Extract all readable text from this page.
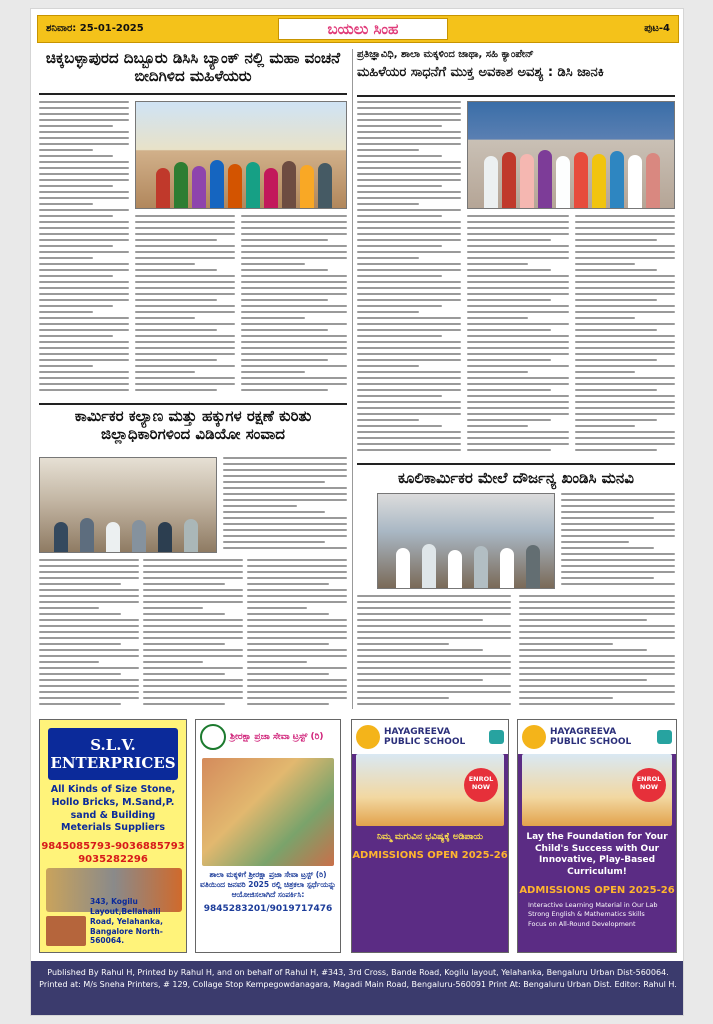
ಶನಿವಾರ: 25-01-2025	ಬಯಲು ಸಿಂಹ	ಪುಟ-4
ಚಿಕ್ಕಬಳ್ಳಾಪುರದ ದಿಬ್ಬೂರು ಡಿಸಿಸಿ ಬ್ಯಾಂಕ್ ನಲ್ಲಿ ಮಹಾ ವಂಚನೆ ಬೀದಿಗಿಳಿದ ಮಹಿಳೆಯರು
ಪ್ರತಿಜ್ಞಾವಿಧಿ, ಶಾಲಾ ಮಕ್ಕಳಿಂದ ಜಾಥಾ, ಸಹಿ ಕ್ಯಾಂಪೇನ್
ಮಹಿಳೆಯರ ಸಾಧನೆಗೆ ಮುಕ್ತ ಅವಕಾಶ ಅವಶ್ಯ : ಡಿಸಿ ಜಾನಕಿ
ಕಾರ್ಮಿಕರ ಕಲ್ಯಾಣ ಮತ್ತು ಹಕ್ಕುಗಳ ರಕ್ಷಣೆ ಕುರಿತು ಜಿಲ್ಲಾಧಿಕಾರಿಗಳಿಂದ ವಿಡಿಯೋ ಸಂವಾದ
ಕೂಲಿಕಾರ್ಮಿಕರ ಮೇಲೆ ದೌರ್ಜನ್ಯ ಖಂಡಿಸಿ ಮನವಿ
S.L.V. ENTERPRICES
All Kinds of Size Stone, Hollo Bricks, M.Sand,P. sand & Building Meterials Suppliers
9845085793-9036885793
9035282296
343, Kogilu Layout,Bellahalli Road, Yelahanka, Bangalore North-560064.
ಶ್ರೀರಕ್ಷಾ ಪ್ರಜಾ ಸೇವಾ ಟ್ರಸ್ಟ್ (ರಿ)
ಶಾಲಾ ಮಕ್ಕಳಿಗೆ ಶ್ರೀರಕ್ಷಾ ಪ್ರಜಾ ಸೇವಾ ಟ್ರಸ್ಟ್ (ರಿ) ವತಿಯಿಂದ ಜನವರಿ 2025 ರಲ್ಲಿ ಚಿತ್ರಕಲಾ ಸ್ಪರ್ಧೆಯನ್ನು ಆಯೋಜಿಸಲಾಗಿದೆ ಸಂಪರ್ಕಿಸಿ:
9845283201/9019717476
HAYAGREEVA PUBLIC SCHOOL
ENROL NOW
ನಿಮ್ಮ ಮಗುವಿನ ಭವಿಷ್ಯಕ್ಕೆ ಅಡಿಪಾಯ
ADMISSIONS OPEN 2025-26
HAYAGREEVA PUBLIC SCHOOL
ENROL NOW
Lay the Foundation for Your Child's Success with Our Innovative, Play-Based Curriculum!
ADMISSIONS OPEN 2025-26
Interactive Learning Material in Our Lab
Strong English & Mathematics Skills
Focus on All-Round Development
Published By Rahul H, Printed by Rahul H, and on behalf of Rahul H, #343, 3rd Cross, Bande Road, Kogilu layout, Yelahanka, Bengaluru Urban Dist-560064.
Printed at: M/s Sneha Printers, # 129, Collage Stop Kempegowdanagara, Magadi Main Road, Bengaluru-560091 Print At: Bengaluru Urban Dist. Editor: Rahul H.
